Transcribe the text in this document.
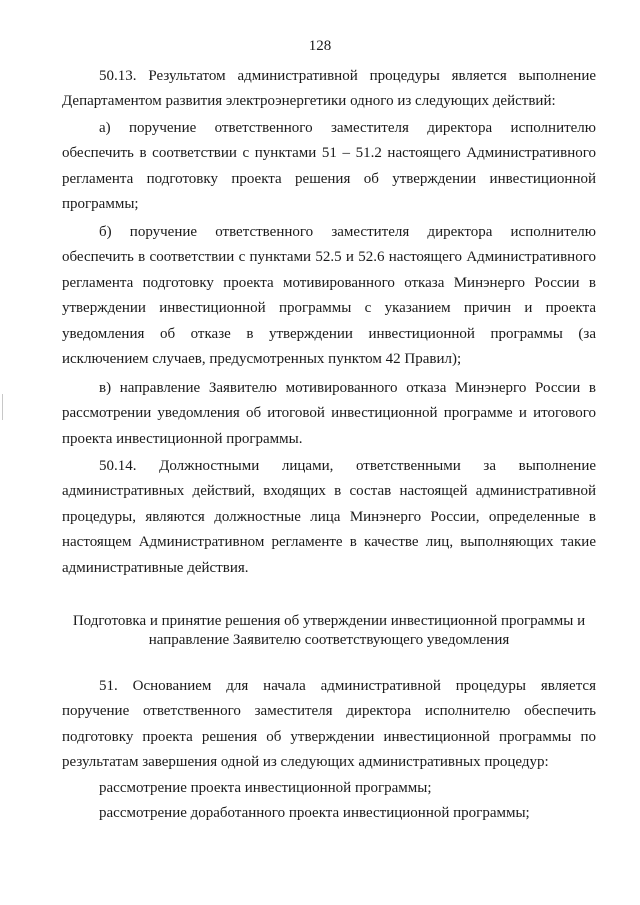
128

50.13. Результатом административной процедуры является выполнение Департаментом развития электроэнергетики одного из следующих действий:

а) поручение ответственного заместителя директора исполнителю обеспечить в соответствии с пунктами 51 – 51.2 настоящего Административного регламента подготовку проекта решения об утверждении инвестиционной программы;

б) поручение ответственного заместителя директора исполнителю обеспечить в соответствии с пунктами 52.5 и 52.6 настоящего Административного регламента подготовку проекта мотивированного отказа Минэнерго России в утверждении инвестиционной программы с указанием причин и проекта уведомления об отказе в утверждении инвестиционной программы (за исключением случаев, предусмотренных пунктом 42 Правил);

в) направление Заявителю мотивированного отказа Минэнерго России в рассмотрении уведомления об итоговой инвестиционной программе и итогового проекта инвестиционной программы.

50.14. Должностными лицами, ответственными за выполнение административных действий, входящих в состав настоящей административной процедуры, являются должностные лица Минэнерго России, определенные в настоящем Административном регламенте в качестве лиц, выполняющих такие административные действия.

Подготовка и принятие решения об утверждении инвестиционной программы и направление Заявителю соответствующего уведомления

51. Основанием для начала административной процедуры является поручение ответственного заместителя директора исполнителю обеспечить подготовку проекта решения об утверждении инвестиционной программы по результатам завершения одной из следующих административных процедур:

рассмотрение проекта инвестиционной программы;

рассмотрение доработанного проекта инвестиционной программы;
